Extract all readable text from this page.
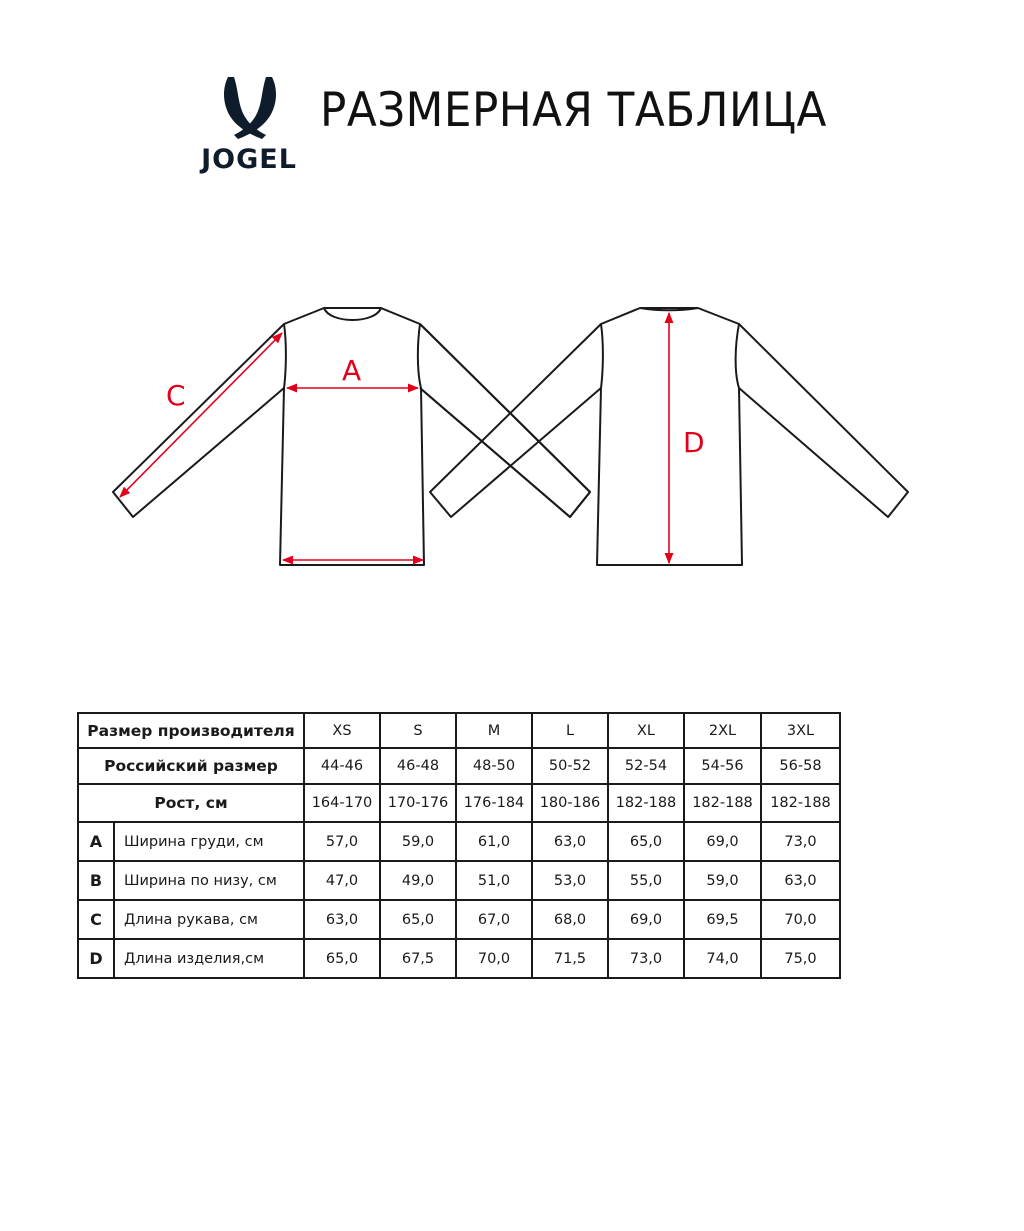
JOGEL
РАЗМЕРНАЯ ТАБЛИЦА
A
C
D
Размер производителя		XS	S	M	L	XL	2XL	3XL
Российский размер		44-46	46-48	48-50	50-52	52-54	54-56	56-58
Рост, см		164-170	170-176	176-184	180-186	182-188	182-188	182-188
A	Ширина груди, см	57,0	59,0	61,0	63,0	65,0	69,0	73,0
B	Ширина по низу, см	47,0	49,0	51,0	53,0	55,0	59,0	63,0
C	Длина рукава, см	63,0	65,0	67,0	68,0	69,0	69,5	70,0
D	Длина изделия,см	65,0	67,5	70,0	71,5	73,0	74,0	75,0
